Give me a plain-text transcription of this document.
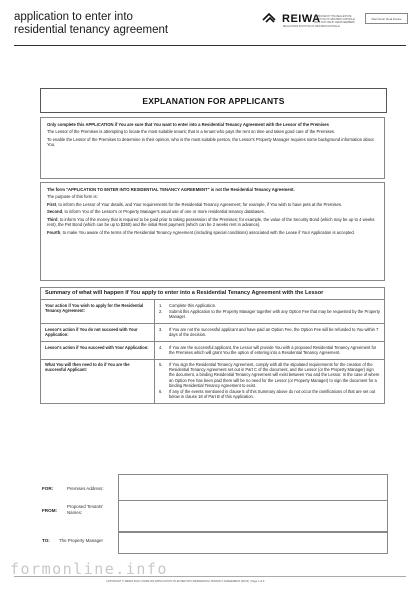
application to enter into
residential tenancy agreement
REIWA
REAL ESTATE INSTITUTE OF WESTERN AUSTRALIA
APPROVED BY THE REAL ESTATE INSTITUTE OF WESTERN AUSTRALIA (INC.) FOR USE BY REIWA MEMBERS
Macintosh Real Estate
EXPLANATION FOR APPLICANTS

Only complete this APPLICATION if You are sure that You want to enter into a Residential Tenancy Agreement with the Lessor of the Premises

The Lessor of the Premises is attempting to locate the most suitable tenant; that is a tenant who pays the rent on time and takes good care of the Premises.

To enable the Lessor of the Premises to determine in their opinion, who is the most suitable person, the Lessor's Property Manager requires some background information about You.

The form "APPLICATION TO ENTER INTO RESIDENTIAL TENANCY AGREEMENT" is not the Residential Tenancy Agreement.

The purpose of this form is:

First, to inform the Lessor of Your details, and Your requirements for the Residential Tenancy Agreement; for example, if You wish to have pets at the Premises.

Second, to inform You of the Lessor's or Property Manager's usual use of one or more residential tenancy databases.

Third, to inform You of the money that is required to be paid prior to taking possession of the Premises; for example, the value of the Security Bond (which may be up to 4 weeks rent), the Pet Bond (which can be up to $260) and the initial Rent payment (which can be 2 weeks rent in advance).

Fourth, to make You aware of the terms of the Residential Tenancy Agreement (including special conditions) associated with the Lease if Your Application is accepted.

Summary of what will happen if You apply to enter into a Residential Tenancy Agreement with the Lessor	
Your action if You wish to apply for the Residential Tenancy Agreement:	1. Complete this Application.
2. Submit this Application to the Property Manager together with any Option Fee that may be requested by the Property Manager.

Lessor's action if You do not succeed with Your Application:	3. If You are not the successful applicant and have paid an Option Fee, the Option Fee will be refunded to You within 7 days of the decision.

Lessor's action if You succeed with Your Application:	4. If You are the successful applicant, the Lessor will provide You with a proposed Residential Tenancy Agreement for the Premises which will grant You the option of entering into a Residential Tenancy Agreement.

What You will then need to do if You are the successful Applicant:	5. If You sign the Residential Tenancy Agreement, comply with all the stipulated requirements for the creation of the Residential Tenancy Agreement set out in Part C of the document, and the Lessor (or the Property Manager) sign the document, a binding Residential Tenancy Agreement will exist between You and the Lessor. In the case of where an Option Fee has been paid there will be no need for the Lessor (or Property Manager) to sign the document for a binding Residential Tenancy Agreement to exist.
6. If any of the events mentioned in clause 5 of this Summary above do not occur the ramifications of that are set out below in clause 18 of Part B of this Application.
FOR:	Premises Address:
FROM:
Proposed Tenants' Names:
TO: The Property Manager
COPYRIGHT © REIWA 2013 | FORM 202 APPLICATION TO ENTER INTO RESIDENTIAL TENANCY AGREEMENT (06/13) | Page 1 of 9
formonline.info
